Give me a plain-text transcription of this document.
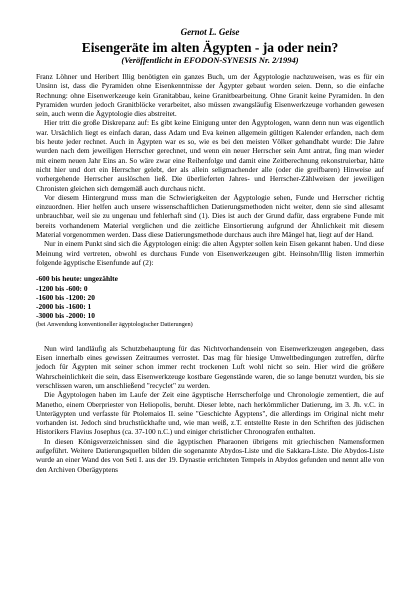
Gernot L. Geise

Eisengeräte im alten Ägypten - ja oder nein?

(Veröffentlicht in EFODON-SYNESIS Nr. 2/1994)

Franz Löhner und Heribert Illig benötigten ein ganzes Buch, um der Ägyptologie nachzuweisen, was es für ein Unsinn ist, dass die Pyramiden ohne Eisenkenntnisse der Ägypter gebaut worden seien. Denn, so die einfache Rechnung: ohne Eisenwerkzeuge kein Granitabbau, keine Granitbearbeitung. Ohne Granit keine Pyramiden. In den Pyramiden wurden jedoch Granitblöcke verarbeitet, also müssen zwangsläufig Eisenwerkzeuge vorhanden gewesen sein, auch wenn die Ägyptologie dies abstreitet.

Hier tritt die große Diskrepanz auf: Es gibt keine Einigung unter den Ägyptologen, wann denn nun was eigentlich war. Ursächlich liegt es einfach daran, dass Adam und Eva keinen allgemein gültigen Kalender erfanden, nach dem bis heute jeder rechnet. Auch in Ägypten war es so, wie es bei den meisten Völker gehandhabt wurde: Die Jahre wurden nach dem jeweiligen Herrscher gerechnet, und wenn ein neuer Herrscher sein Amt antrat, fing man wieder mit einem neuen Jahr Eins an. So wäre zwar eine Reihenfolge und damit eine Zeitberechnung rekonstruierbar, hätte nicht hier und dort ein Herrscher gelebt, der als allein seligmachender alle (oder die greifbaren) Hinweise auf vorhergehende Herrscher auslöschen ließ. Die überlieferten Jahres- und Herrscher-Zählweisen der jeweiligen Chronisten gleichen sich demgemäß auch durchaus nicht.

Vor diesem Hintergrund muss man die Schwierigkeiten der Ägyptologie sehen, Funde und Herrscher richtig einzuordnen. Hier helfen auch unsere wissenschaftlichen Datierungsmethoden nicht weiter, denn sie sind allesamt unbrauchbar, weil sie zu ungenau und fehlerhaft sind (1). Dies ist auch der Grund dafür, dass ergrabene Funde mit bereits vorhandenem Material verglichen und die zeitliche Einsortierung aufgrund der Ähnlichkeit mit diesem Material vorgenommen werden. Dass diese Datierungsmethode durchaus auch ihre Mängel hat, liegt auf der Hand.

Nur in einem Punkt sind sich die Ägyptologen einig: die alten Ägypter sollen kein Eisen gekannt haben. Und diese Meinung wird vertreten, obwohl es durchaus Funde von Eisenwerkzeugen gibt. Heinsohn/Illig listen immerhin folgende ägyptische Eisenfunde auf (2):

-600 bis heute: ungezählte
-1200 bis -600: 0
-1600 bis -1200: 20
-2000 bis -1600: 1
-3000 bis -2000: 10
(bei Anwendung konventioneller ägyptologischer Datierungen)

Nun wird landläufig als Schutzbehauptung für das Nichtvorhandensein von Eisenwerkzeugen angegeben, dass Eisen innerhalb eines gewissen Zeitraumes verrostet. Das mag für hiesige Umweltbedingungen zutreffen, dürfte jedoch für Ägypten mit seiner schon immer recht trockenen Luft wohl nicht so sein. Hier wird die größere Wahrscheinlichkeit die sein, dass Eisenwerkzeuge kostbare Gegenstände waren, die so lange benutzt wurden, bis sie verschlissen waren, um anschließend "recyclet" zu werden.

Die Ägyptologen haben im Laufe der Zeit eine ägyptische Herrscherfolge und Chronologie zementiert, die auf Manetho, einem Oberpriester von Heliopolis, beruht. Dieser lebte, nach herkömmlicher Datierung, im 3. Jh. v.C. in Unterägypten und verfasste für Ptolemaios II. seine "Geschichte Ägyptens", die allerdings im Original nicht mehr vorhanden ist. Jedoch sind bruchstückhafte und, wie man weiß, z.T. entstellte Reste in den Schriften des jüdischen Historikers Flavius Josephus (ca. 37-100 n.C.) und einiger christlicher Chronografen enthalten.

In diesen Königsverzeichnissen sind die ägyptischen Pharaonen übrigens mit griechischen Namensformen aufgeführt. Weitere Datierungsquellen bilden die sogenannte Abydos-Liste und die Sakkara-Liste. Die Abydos-Liste wurde an einer Wand des von Seti I. aus der 19. Dynastie errichteten Tempels in Abydos gefunden und nennt alle von den Archiven Oberägyptens
